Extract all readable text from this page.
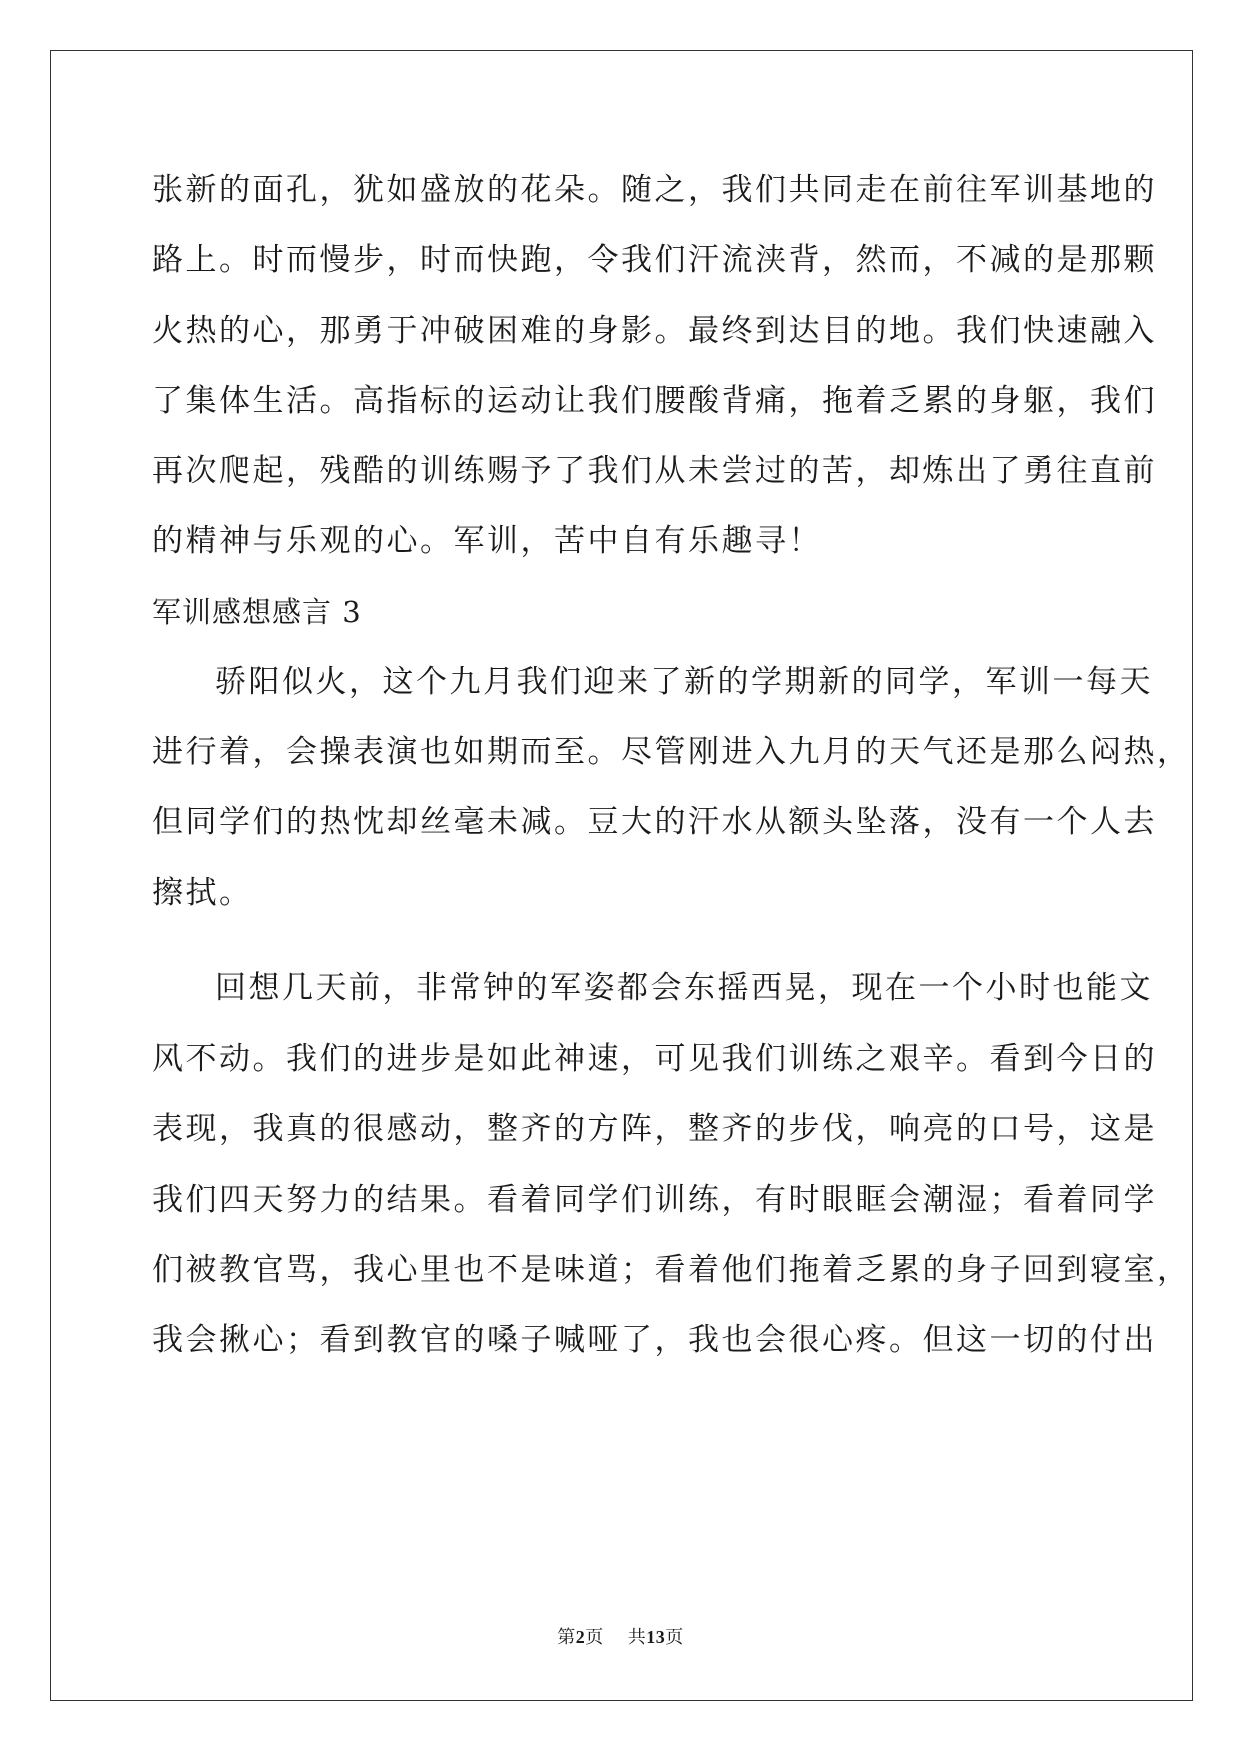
张新的面孔，犹如盛放的花朵。随之，我们共同走在前往军训基地的
路上。时而慢步，时而快跑，令我们汗流浃背，然而，不减的是那颗
火热的心，那勇于冲破困难的身影。最终到达目的地。我们快速融入
了集体生活。高指标的运动让我们腰酸背痛，拖着乏累的身躯，我们
再次爬起，残酷的训练赐予了我们从未尝过的苦，却炼出了勇往直前
的精神与乐观的心。军训，苦中自有乐趣寻！
军训感想感言 3
骄阳似火，这个九月我们迎来了新的学期新的同学，军训一每天
进行着，会操表演也如期而至。尽管刚进入九月的天气还是那么闷热，
但同学们的热忱却丝毫未减。豆大的汗水从额头坠落，没有一个人去
擦拭。
回想几天前，非常钟的军姿都会东摇西晃，现在一个小时也能文
风不动。我们的进步是如此神速，可见我们训练之艰辛。看到今日的
表现，我真的很感动，整齐的方阵，整齐的步伐，响亮的口号，这是
我们四天努力的结果。看着同学们训练，有时眼眶会潮湿；看着同学
们被教官骂，我心里也不是味道；看着他们拖着乏累的身子回到寝室，
我会揪心；看到教官的嗓子喊哑了，我也会很心疼。但这一切的付出
第2页 共13页
